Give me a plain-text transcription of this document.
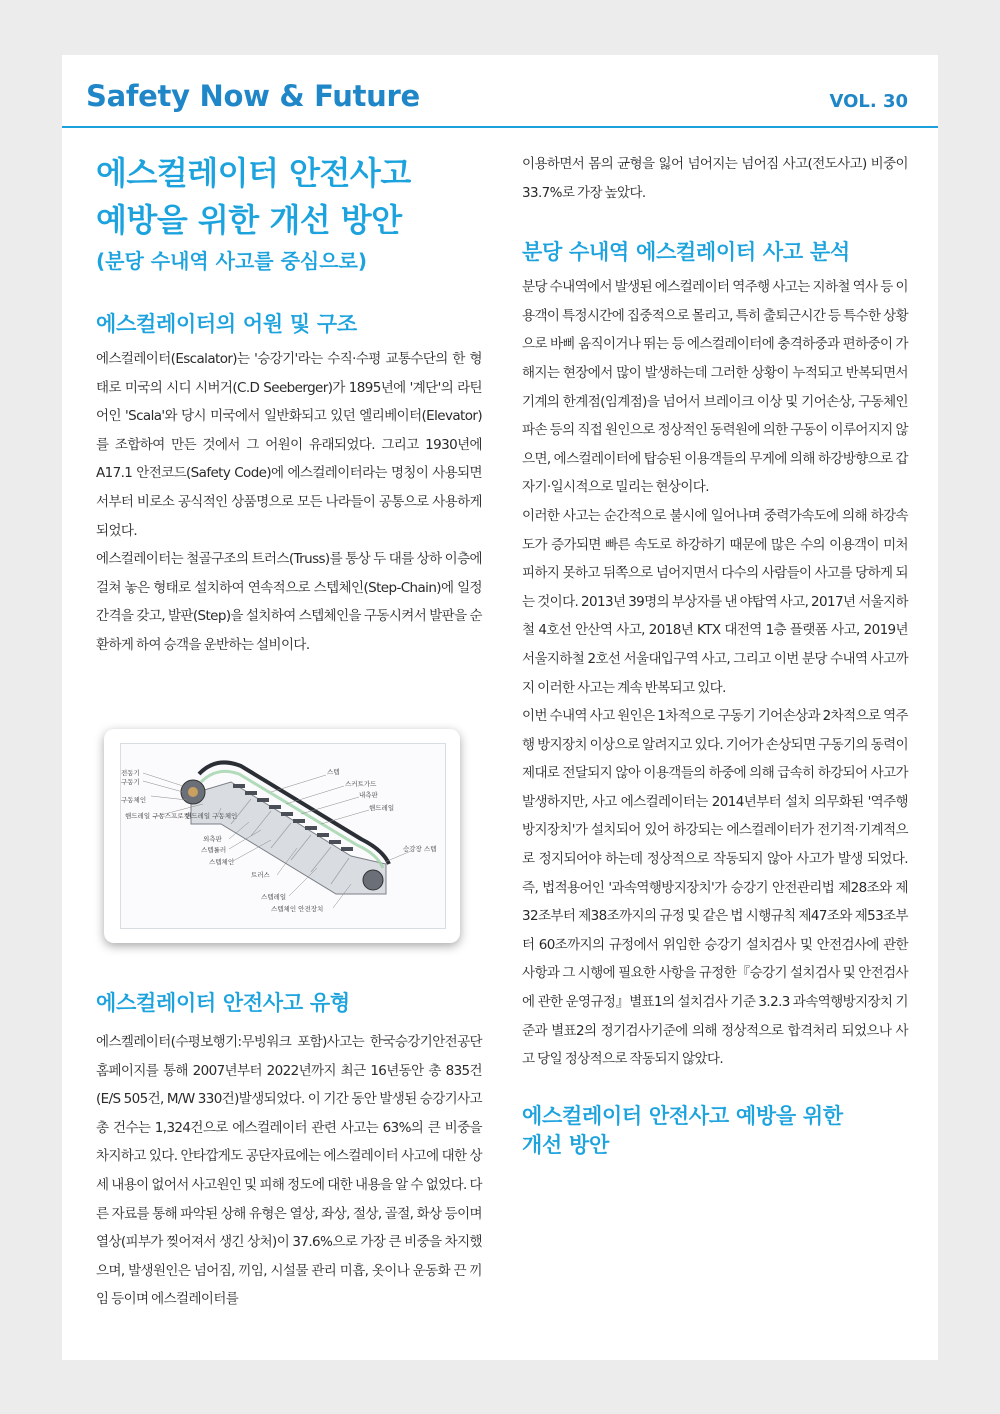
Safety Now & Future	VOL. 30
에스컬레이터 안전사고
예방을 위한 개선 방안
(분당 수내역 사고를 중심으로)
에스컬레이터의 어원 및 구조
에스컬레이터(Escalator)는 '승강기'라는 수직·수평 교통수단의 한 형태로 미국의 시디 시버거(C.D Seeberger)가 1895년에 '계단'의 라틴어인 'Scala'와 당시 미국에서 일반화되고 있던 엘리베이터(Elevator)를 조합하여 만든 것에서 그 어원이 유래되었다. 그리고 1930년에 A17.1 안전코드(Safety Code)에 에스컬레이터라는 명칭이 사용되면서부터 비로소 공식적인 상품명으로 모든 나라들이 공통으로 사용하게 되었다.
에스컬레이터는 철골구조의 트러스(Truss)를 통상 두 대를 상하 이층에 걸쳐 놓은 형태로 설치하여 연속적으로 스텝체인(Step-Chain)에 일정간격을 갖고, 발판(Step)을 설치하여 스텝체인을 구동시켜서 발판을 순환하게 하여 승객을 운반하는 설비이다.
에스컬레이터 안전사고 유형
에스켈레이터(수평보행기:무빙워크 포함)사고는 한국승강기안전공단 홈페이지를 통해 2007년부터 2022년까지 최근 16년동안 총 835건(E/S 505건, M/W 330건)발생되었다. 이 기간 동안 발생된 승강기사고 총 건수는 1,324건으로 에스컬레이터 관련 사고는 63%의 큰 비중을 차지하고 있다. 안타깝게도 공단자료에는 에스컬레이터 사고에 대한 상세 내용이 없어서 사고원인 및 피해 정도에 대한 내용을 알 수 없었다. 다른 자료를 통해 파악된 상해 유형은 열상, 좌상, 절상, 골절, 화상 등이며 열상(피부가 찢어져서 생긴 상처)이 37.6%으로 가장 큰 비중을 차지했으며, 발생원인은 넘어짐, 끼임, 시설물 관리 미흡, 옷이나 운동화 끈 끼임 등이며 에스컬레이터를
전동기
구동기
구동체인
핸드레일 구동스프로킷
핸드레일 구동체인
외측판
스텝롤러
스텝체인
트러스
스텝레일
스텝체인 안전장치
스텝
스커트가드
내측판
핸드레일
승강장 스텝
이용하면서 몸의 균형을 잃어 넘어지는 넘어짐 사고(전도사고) 비중이 33.7%로 가장 높았다.
분당 수내역 에스컬레이터 사고 분석
분당 수내역에서 발생된 에스컬레이터 역주행 사고는 지하철 역사 등 이용객이 특정시간에 집중적으로 몰리고, 특히 출퇴근시간 등 특수한 상황으로 바삐 움직이거나 뛰는 등 에스컬레이터에 충격하중과 편하중이 가해지는 현장에서 많이 발생하는데 그러한 상황이 누적되고 반복되면서 기계의 한계점(임계점)을 넘어서 브레이크 이상 및 기어손상, 구동체인 파손 등의 직접 원인으로 정상적인 동력원에 의한 구동이 이루어지지 않으면, 에스컬레이터에 탑승된 이용객들의 무게에 의해 하강방향으로 갑자기·일시적으로 밀리는 현상이다.
이러한 사고는 순간적으로 불시에 일어나며 중력가속도에 의해 하강속도가 증가되면 빠른 속도로 하강하기 때문에 많은 수의 이용객이 미처 피하지 못하고 뒤쪽으로 넘어지면서 다수의 사람들이 사고를 당하게 되는 것이다. 2013년 39명의 부상자를 낸 야탑역 사고, 2017년 서울지하철 4호선 안산역 사고, 2018년 KTX 대전역 1층 플랫폼 사고, 2019년 서울지하철 2호선 서울대입구역 사고, 그리고 이번 분당 수내역 사고까지 이러한 사고는 계속 반복되고 있다.
이번 수내역 사고 원인은 1차적으로 구동기 기어손상과 2차적으로 역주행 방지장치 이상으로 알려지고 있다. 기어가 손상되면 구동기의 동력이 제대로 전달되지 않아 이용객들의 하중에 의해 급속히 하강되어 사고가 발생하지만, 사고 에스컬레이터는 2014년부터 설치 의무화된 '역주행 방지장치'가 설치되어 있어 하강되는 에스컬레이터가 전기적·기계적으로 정지되어야 하는데 정상적으로 작동되지 않아 사고가 발생 되었다. 즉, 법적용어인 '과속역행방지장치'가 승강기 안전관리법 제28조와 제32조부터 제38조까지의 규정 및 같은 법 시행규칙 제47조와 제53조부터 60조까지의 규정에서 위임한 승강기 설치검사 및 안전검사에 관한 사항과 그 시행에 필요한 사항을 규정한『승강기 설치검사 및 안전검사에 관한 운영규정』별표1의 설치검사 기준 3.2.3 과속역행방지장치 기준과 별표2의 정기검사기준에 의해 정상적으로 합격처리 되었으나 사고 당일 정상적으로 작동되지 않았다.
에스컬레이터 안전사고 예방을 위한
개선 방안
